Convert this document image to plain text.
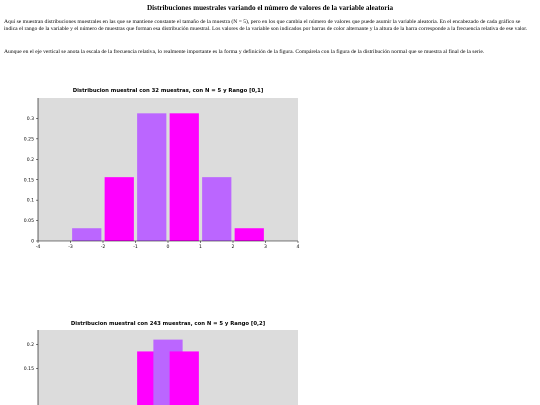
Distribuciones muestrales variando el número de valores de la variable aleatoria

Aquí se muestran distribuciones muestrales en las que se mantiene constante el tamaño de la muestra (N = 5), pero en los que cambia el número de valores que puede asumir la variable aleatoria. En el encabezado de cada gráfico se indica el rango de la variable y el número de muestras que forman esa distribución muestral. Los valores de la variable son indicados por barras de color alternante y la altura de la barra corresponde a la frecuencia relativa de ese valor.

Aunque en el eje vertical se anota la escala de la frecuencia relativa, lo realmente importante es la forma y definición de la figura. Compárela con la figura de la distribución normal que se muestra al final de la serie.

Distribucion muestral con 32 muestras, con N = 5 y Rango [0,1]
-4	-3	-2	-1	0	1	2	3	4
0
0.05
0.1
0.15
0.2
0.25
0.3
Distribucion muestral con 243 muestras, con N = 5 y Rango [0,2]
0.15
0.2
